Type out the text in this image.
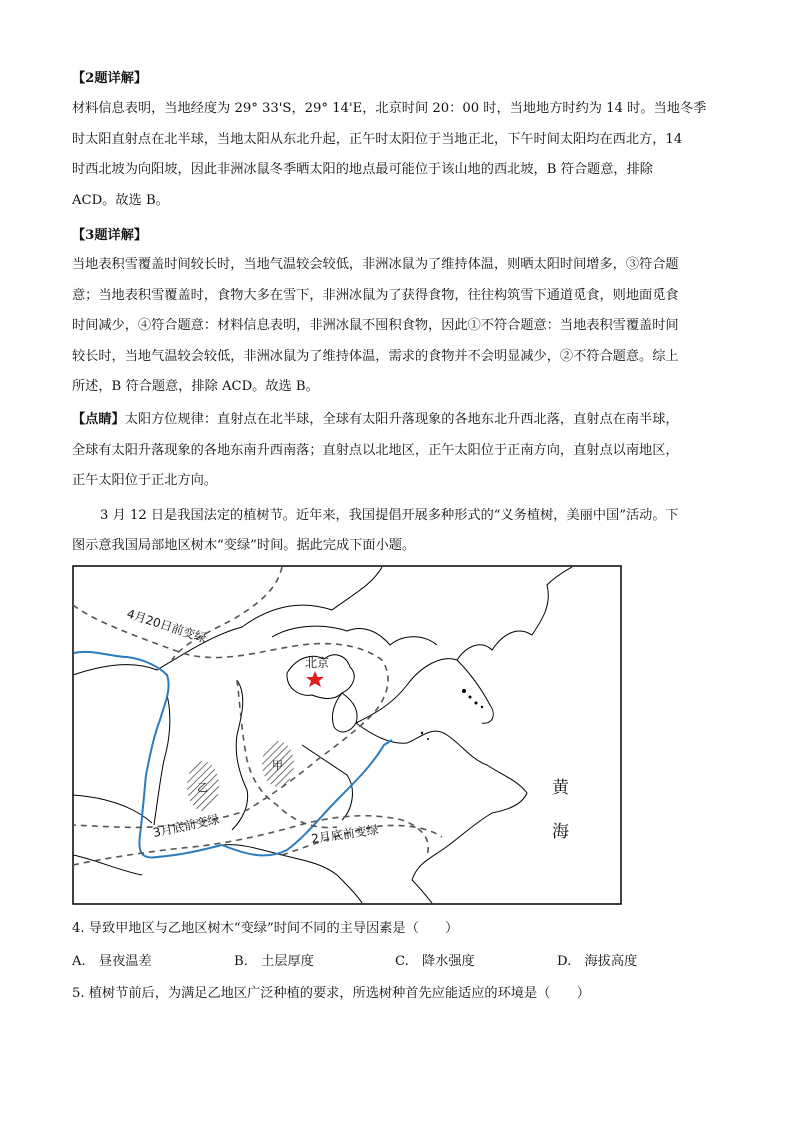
【2题详解】
材料信息表明，当地经度为 29° 33'S，29° 14'E，北京时间 20：00 时，当地地方时约为 14 时。当地冬季
时太阳直射点在北半球，当地太阳从东北升起，正午时太阳位于当地正北，下午时间太阳均在西北方，14
时西北坡为向阳坡，因此非洲冰鼠冬季晒太阳的地点最可能位于该山地的西北坡，B 符合题意，排除
ACD。故选 B。
【3题详解】
当地表积雪覆盖时间较长时，当地气温较会较低，非洲冰鼠为了维持体温，则晒太阳时间增多，③符合题
意；当地表积雪覆盖时，食物大多在雪下，非洲冰鼠为了获得食物，往往构筑雪下通道觅食，则地面觅食
时间减少，④符合题意：材料信息表明，非洲冰鼠不囤积食物，因此①不符合题意：当地表积雪覆盖时间
较长时，当地气温较会较低，非洲冰鼠为了维持体温，需求的食物并不会明显减少，②不符合题意。综上
所述，B 符合题意，排除 ACD。故选 B。
【点睛】太阳方位规律：直射点在北半球，全球有太阳升落现象的各地东北升西北落，直射点在南半球，
全球有太阳升落现象的各地东南升西南落；直射点以北地区，正午太阳位于正南方向，直射点以南地区，
正午太阳位于正北方向。
3 月 12 日是我国法定的植树节。近年来，我国提倡开展多种形式的“义务植树，美丽中国”活动。下
图示意我国局部地区树木“变绿”时间。据此完成下面小题。
4月20日前变绿
3月底前变绿	2月底前变绿
北京
乙
甲
黄
海
4. 导致甲地区与乙地区树木“变绿”时间不同的主导因素是（　　）
A.　昼夜温差	B.　土层厚度	C.　降水强度	D.　海拔高度
5. 植树节前后，为满足乙地区广泛种植的要求，所选树种首先应能适应的环境是（　　）
